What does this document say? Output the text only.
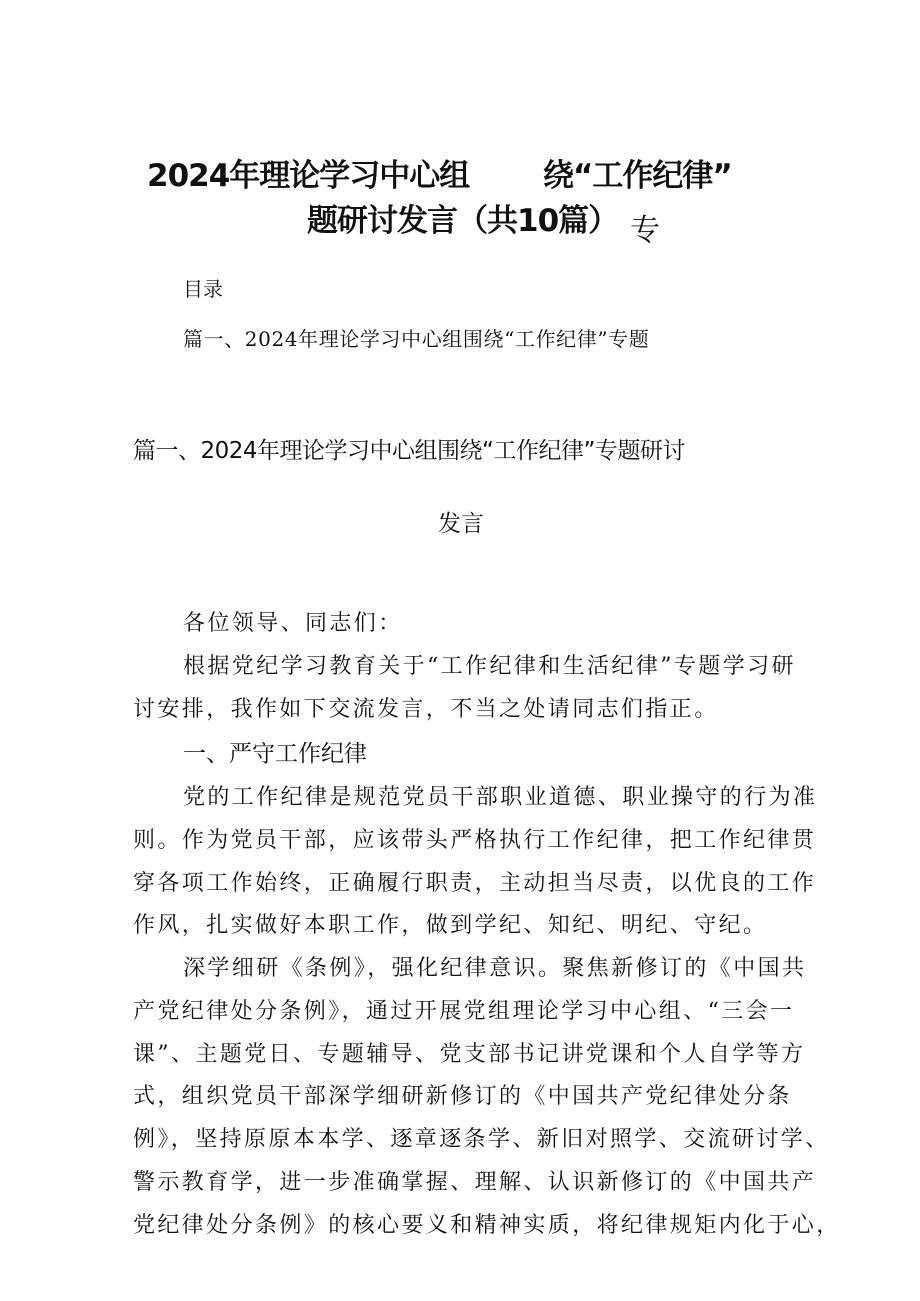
2024年理论学习中心组 绕“工作纪律”
题研讨发言（共10篇） 专
目录
篇一、2024年理论学习中心组围绕“工作纪律”专题
篇一、2024年理论学习中心组围绕“工作纪律”专题研讨
发言
各位领导、同志们：
根据党纪学习教育关于“工作纪律和生活纪律”专题学习研
讨安排，我作如下交流发言，不当之处请同志们指正。
一、严守工作纪律
党的工作纪律是规范党员干部职业道德、职业操守的行为准
则。作为党员干部，应该带头严格执行工作纪律，把工作纪律贯
穿各项工作始终，正确履行职责，主动担当尽责，以优良的工作
作风，扎实做好本职工作，做到学纪、知纪、明纪、守纪。
深学细研《条例》，强化纪律意识。聚焦新修订的《中国共
产党纪律处分条例》，通过开展党组理论学习中心组、“三会一
课”、主题党日、专题辅导、党支部书记讲党课和个人自学等方
式，组织党员干部深学细研新修订的《中国共产党纪律处分条
例》，坚持原原本本学、逐章逐条学、新旧对照学、交流研讨学、
警示教育学，进一步准确掌握、理解、认识新修订的《中国共产
党纪律处分条例》的核心要义和精神实质，将纪律规矩内化于心，
